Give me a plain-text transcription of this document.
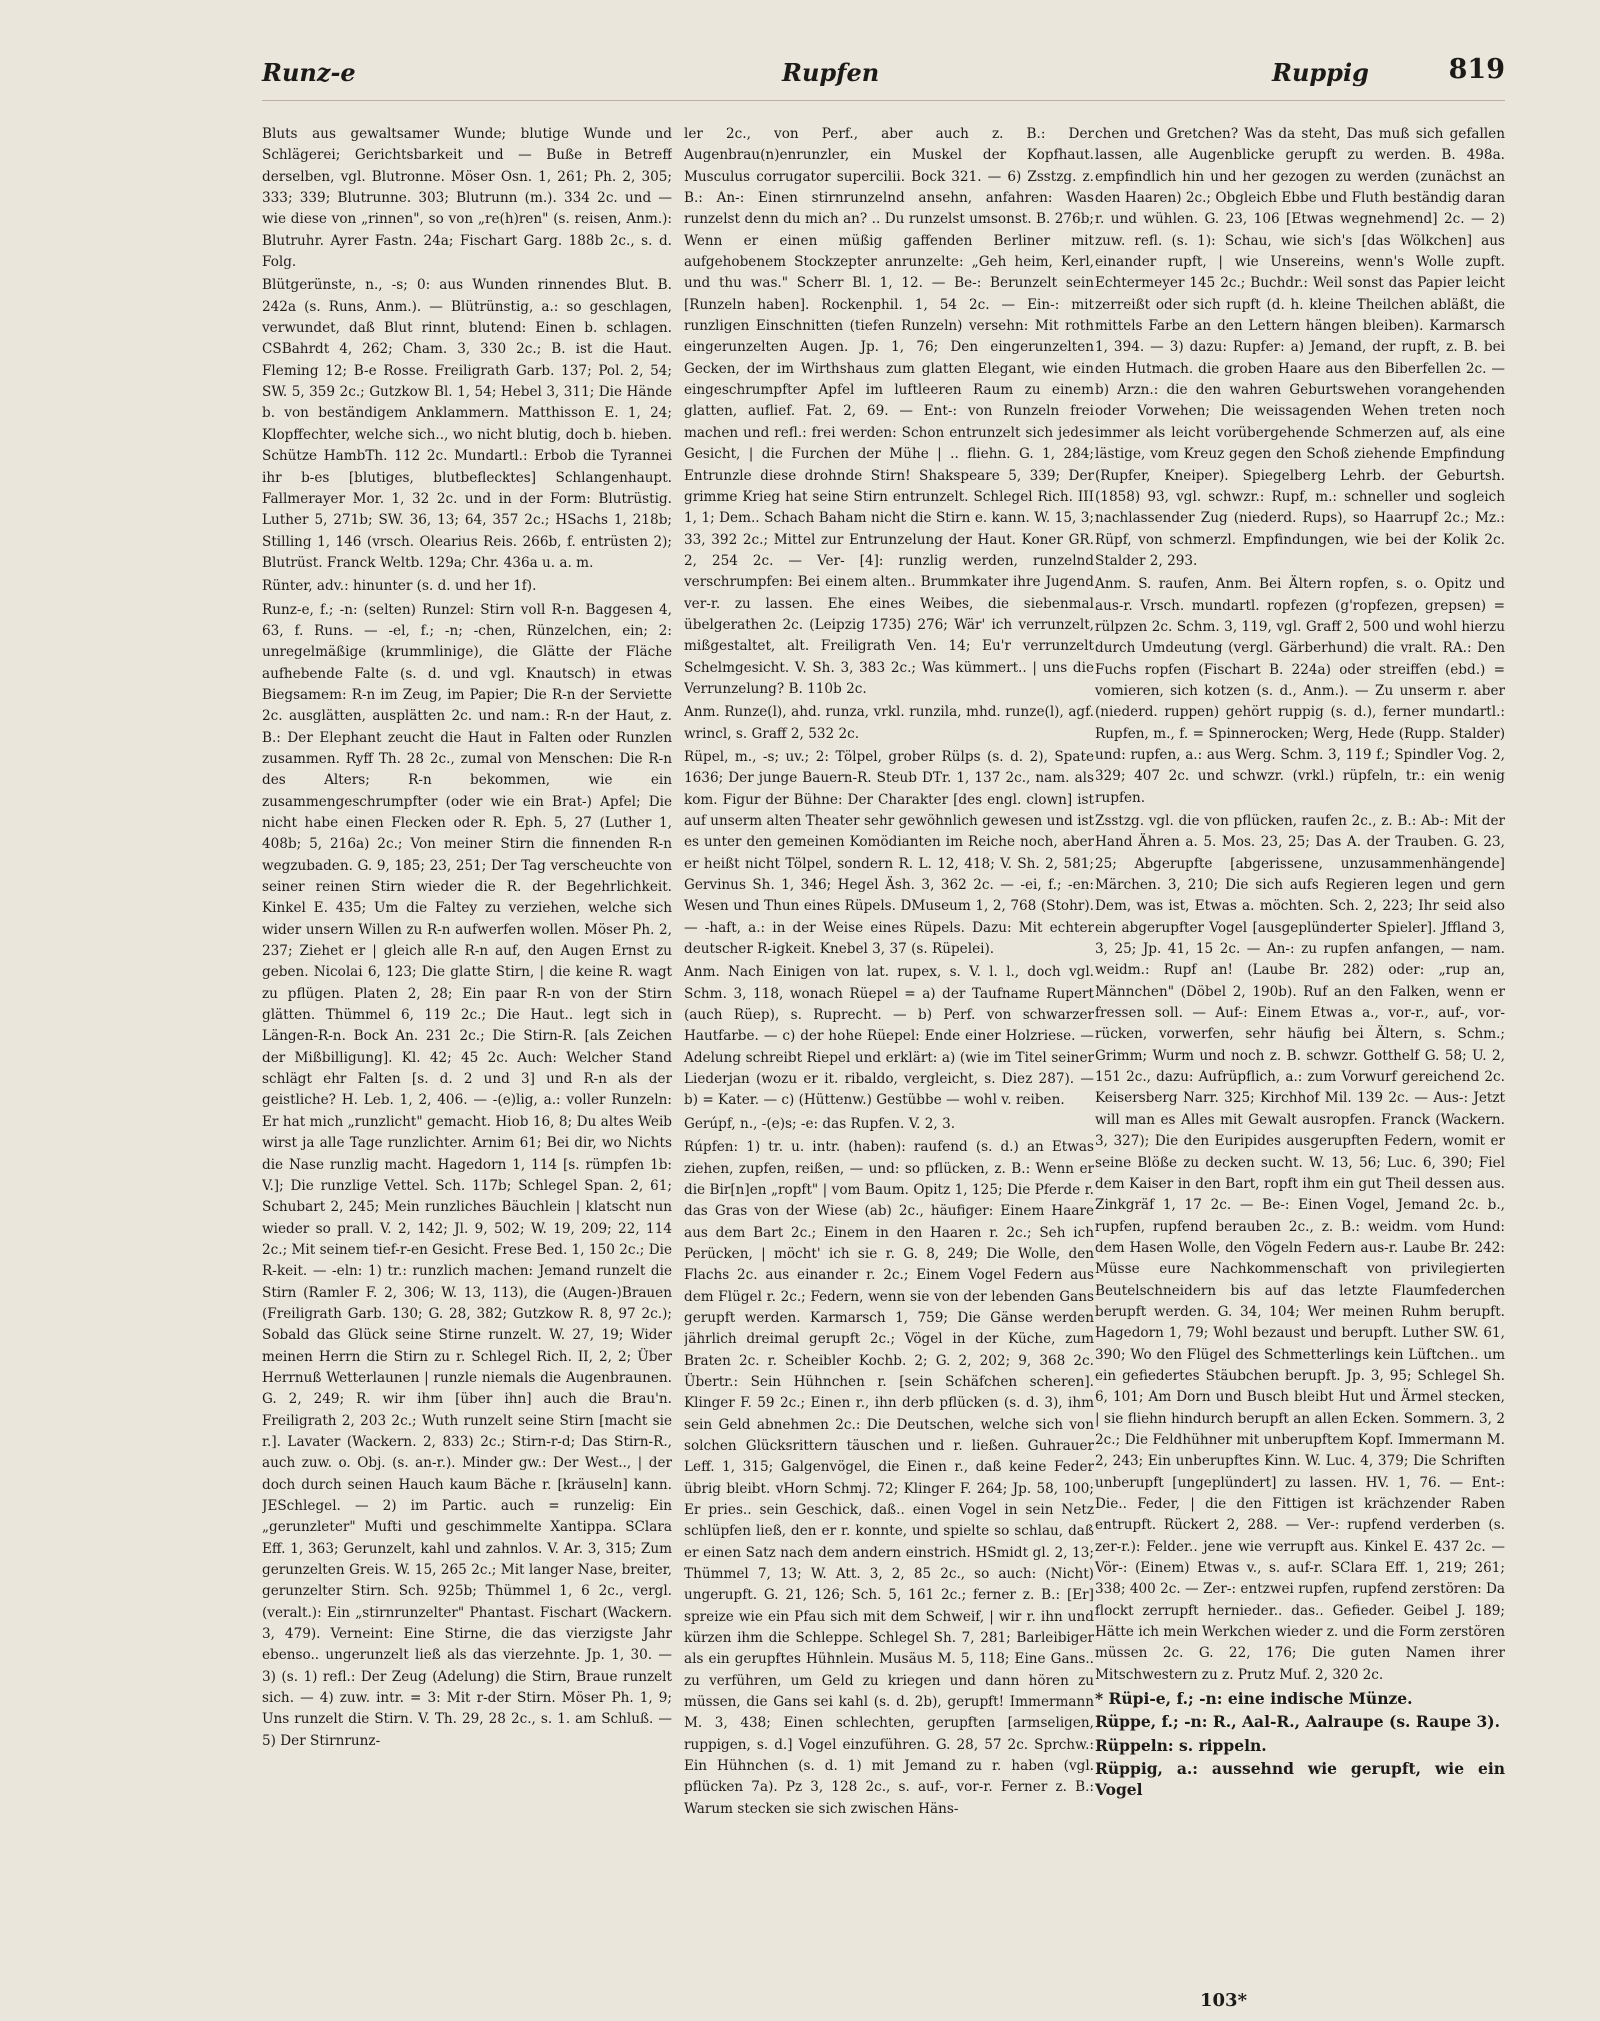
Runz-e	Rupfen	Ruppig	819

Bluts aus gewaltsamer Wunde; blutige Wunde und Schlägerei; Gerichtsbarkeit und — Buße in Betreff derselben, vgl. Blutronne. Möser Osn. 1, 261; Ph. 2, 305; 333; 339; Blutrunne. 303; Blutrunn (m.). 334 2c. und — wie diese von „rinnen", so von „re(h)ren" (s. reisen, Anm.): Blutruhr. Ayrer Fastn. 24a; Fischart Garg. 188b 2c., s. d. Folg.

Blütgerünste, n., -s; 0: aus Wunden rinnendes Blut. B. 242a (s. Runs, Anm.). — Blütrünstig, a.: so geschlagen, verwundet, daß Blut rinnt, blutend: Einen b. schlagen. CSBahrdt 4, 262; Cham. 3, 330 2c.; B. ist die Haut. Fleming 12; B-e Rosse. Freiligrath Garb. 137; Pol. 2, 54; SW. 5, 359 2c.; Gutzkow Bl. 1, 54; Hebel 3, 311; Die Hände b. von beständigem Anklammern. Matthisson E. 1, 24; Klopffechter, welche sich.., wo nicht blutig, doch b. hieben. Schütze HambTh. 112 2c. Mundartl.: Erbob die Tyrannei ihr b-es [blutiges, blutbeflecktes] Schlangenhaupt. Fallmerayer Mor. 1, 32 2c. und in der Form: Blutrüstig. Luther 5, 271b; SW. 36, 13; 64, 357 2c.; HSachs 1, 218b; Stilling 1, 146 (vrsch. Olearius Reis. 266b, f. entrüsten 2); Blutrüst. Franck Weltb. 129a; Chr. 436a u. a. m.

Rünter, adv.: hinunter (s. d. und her 1f).

Runz-e, f.; -n: (selten) Runzel: Stirn voll R-n. Baggesen 4, 63, f. Runs. — -el, f.; -n; -chen, Rünzelchen, ein; 2: unregelmäßige (krummlinige), die Glätte der Fläche aufhebende Falte (s. d. und vgl. Knautsch) in etwas Biegsamem: R-n im Zeug, im Papier; Die R-n der Serviette 2c. ausglätten, ausplätten 2c. und nam.: R-n der Haut, z. B.: Der Elephant zeucht die Haut in Falten oder Runzlen zusammen. Ryff Th. 28 2c., zumal von Menschen: Die R-n des Alters; R-n bekommen, wie ein zusammengeschrumpfter (oder wie ein Brat-) Apfel; Die nicht habe einen Flecken oder R. Eph. 5, 27 (Luther 1, 408b; 5, 216a) 2c.; Von meiner Stirn die finnenden R-n wegzubaden. G. 9, 185; 23, 251; Der Tag verscheuchte von seiner reinen Stirn wieder die R. der Begehrlichkeit. Kinkel E. 435; Um die Faltey zu verziehen, welche sich wider unsern Willen zu R-n aufwerfen wollen. Möser Ph. 2, 237; Ziehet er | gleich alle R-n auf, den Augen Ernst zu geben. Nicolai 6, 123; Die glatte Stirn, | die keine R. wagt zu pflügen. Platen 2, 28; Ein paar R-n von der Stirn glätten. Thümmel 6, 119 2c.; Die Haut.. legt sich in Längen-R-n. Bock An. 231 2c.; Die Stirn-R. [als Zeichen der Mißbilligung]. Kl. 42; 45 2c. Auch: Welcher Stand schlägt ehr Falten [s. d. 2 und 3] und R-n als der geistliche? H. Leb. 1, 2, 406. — -(e)lig, a.: voller Runzeln: Er hat mich „runzlicht" gemacht. Hiob 16, 8; Du altes Weib wirst ja alle Tage runzlichter. Arnim 61; Bei dir, wo Nichts die Nase runzlig macht. Hagedorn 1, 114 [s. rümpfen 1b: V.]; Die runzlige Vettel. Sch. 117b; Schlegel Span. 2, 61; Schubart 2, 245; Mein runzliches Bäuchlein | klatscht nun wieder so prall. V. 2, 142; Jl. 9, 502; W. 19, 209; 22, 114 2c.; Mit seinem tief-r-en Gesicht. Frese Bed. 1, 150 2c.; Die R-keit. — -eln: 1) tr.: runzlich machen: Jemand runzelt die Stirn (Ramler F. 2, 306; W. 13, 113), die (Augen-)Brauen (Freiligrath Garb. 130; G. 28, 382; Gutzkow R. 8, 97 2c.); Sobald das Glück seine Stirne runzelt. W. 27, 19; Wider meinen Herrn die Stirn zu r. Schlegel Rich. II, 2, 2; Über Herrnuß Wetterlaunen | runzle niemals die Augenbraunen. G. 2, 249; R. wir ihm [über ihn] auch die Brau'n. Freiligrath 2, 203 2c.; Wuth runzelt seine Stirn [macht sie r.]. Lavater (Wackern. 2, 833) 2c.; Stirn-r-d; Das Stirn-R., auch zuw. o. Obj. (s. an-r.). Minder gw.: Der West.., | der doch durch seinen Hauch kaum Bäche r. [kräuseln] kann. JESchlegel. — 2) im Partic. auch = runzelig: Ein „gerunzleter" Mufti und geschimmelte Xantippa. SClara Eff. 1, 363; Gerunzelt, kahl und zahnlos. V. Ar. 3, 315; Zum gerunzelten Greis. W. 15, 265 2c.; Mit langer Nase, breiter, gerunzelter Stirn. Sch. 925b; Thümmel 1, 6 2c., vergl. (veralt.): Ein „stirnrunzelter" Phantast. Fischart (Wackern. 3, 479). Verneint: Eine Stirne, die das vierzigste Jahr ebenso.. ungerunzelt ließ als das vierzehnte. Jp. 1, 30. — 3) (s. 1) refl.: Der Zeug (Adelung) die Stirn, Braue runzelt sich. — 4) zuw. intr. = 3: Mit r-der Stirn. Möser Ph. 1, 9; Uns runzelt die Stirn. V. Th. 29, 28 2c., s. 1. am Schluß. — 5) Der Stirnrunz-

ler 2c., von Perf., aber auch z. B.: Der Augenbrau(n)enrunzler, ein Muskel der Kopfhaut. Musculus corrugator supercilii. Bock 321. — 6) Zsstzg. z. B.: An-: Einen stirnrunzelnd ansehn, anfahren: Was runzelst denn du mich an? .. Du runzelst umsonst. B. 276b; Wenn er einen müßig gaffenden Berliner mit aufgehobenem Stockzepter anrunzelte: „Geh heim, Kerl, und thu was." Scherr Bl. 1, 12. — Be-: Berunzelt sein [Runzeln haben]. Rockenphil. 1, 54 2c. — Ein-: mit runzligen Einschnitten (tiefen Runzeln) versehn: Mit roth eingerunzelten Augen. Jp. 1, 76; Den eingerunzelten Gecken, der im Wirthshaus zum glatten Elegant, wie ein eingeschrumpfter Apfel im luftleeren Raum zu einem glatten, auflief. Fat. 2, 69. — Ent-: von Runzeln frei machen und refl.: frei werden: Schon entrunzelt sich jedes Gesicht, | die Furchen der Mühe | .. fliehn. G. 1, 284; Entrunzle diese drohnde Stirn! Shakspeare 5, 339; Der grimme Krieg hat seine Stirn entrunzelt. Schlegel Rich. III 1, 1; Dem.. Schach Baham nicht die Stirn e. kann. W. 15, 3; 33, 392 2c.; Mittel zur Entrunzelung der Haut. Koner GR. 2, 254 2c. — Ver- [4]: runzlig werden, runzelnd verschrumpfen: Bei einem alten.. Brummkater ihre Jugend ver-r. zu lassen. Ehe eines Weibes, die siebenmal übelgerathen 2c. (Leipzig 1735) 276; Wär' ich verrunzelt, mißgestaltet, alt. Freiligrath Ven. 14; Eu'r verrunzelt Schelmgesicht. V. Sh. 3, 383 2c.; Was kümmert.. | uns die Verrunzelung? B. 110b 2c.

Anm. Runze(l), ahd. runza, vrkl. runzila, mhd. runze(l), agf. wrincl, s. Graff 2, 532 2c.

Rüpel, m., -s; uv.; 2: Tölpel, grober Rülps (s. d. 2), Spate 1636; Der junge Bauern-R. Steub DTr. 1, 137 2c., nam. als kom. Figur der Bühne: Der Charakter [des engl. clown] ist auf unserm alten Theater sehr gewöhnlich gewesen und ist es unter den gemeinen Komödianten im Reiche noch, aber er heißt nicht Tölpel, sondern R. L. 12, 418; V. Sh. 2, 581; Gervinus Sh. 1, 346; Hegel Äsh. 3, 362 2c. — -ei, f.; -en: Wesen und Thun eines Rüpels. DMuseum 1, 2, 768 (Stohr). — -haft, a.: in der Weise eines Rüpels. Dazu: Mit echter deutscher R-igkeit. Knebel 3, 37 (s. Rüpelei).

Anm. Nach Einigen von lat. rupex, s. V. l. l., doch vgl. Schm. 3, 118, wonach Rüepel = a) der Taufname Rupert (auch Rüep), s. Ruprecht. — b) Perf. von schwarzer Hautfarbe. — c) der hohe Rüepel: Ende einer Holzriese. — Adelung schreibt Riepel und erklärt: a) (wie im Titel seiner Liederjan (wozu er it. ribaldo, vergleicht, s. Diez 287). — b) = Kater. — c) (Hüttenw.) Gestübbe — wohl v. reiben.

Gerúpf, n., -(e)s; -e: das Rupfen. V. 2, 3.

Rúpfen: 1) tr. u. intr. (haben): raufend (s. d.) an Etwas ziehen, zupfen, reißen, — und: so pflücken, z. B.: Wenn er die Bir[n]en „ropft" | vom Baum. Opitz 1, 125; Die Pferde r. das Gras von der Wiese (ab) 2c., häufiger: Einem Haare aus dem Bart 2c.; Einem in den Haaren r. 2c.; Seh ich Perücken, | möcht' ich sie r. G. 8, 249; Die Wolle, den Flachs 2c. aus einander r. 2c.; Einem Vogel Federn aus dem Flügel r. 2c.; Federn, wenn sie von der lebenden Gans gerupft werden. Karmarsch 1, 759; Die Gänse werden jährlich dreimal gerupft 2c.; Vögel in der Küche, zum Braten 2c. r. Scheibler Kochb. 2; G. 2, 202; 9, 368 2c. Übertr.: Sein Hühnchen r. [sein Schäfchen scheren]. Klinger F. 59 2c.; Einen r., ihn derb pflücken (s. d. 3), ihm sein Geld abnehmen 2c.: Die Deutschen, welche sich von solchen Glücksrittern täuschen und r. ließen. Guhrauer Leff. 1, 315; Galgenvögel, die Einen r., daß keine Feder übrig bleibt. vHorn Schmj. 72; Klinger F. 264; Jp. 58, 100; Er pries.. sein Geschick, daß.. einen Vogel in sein Netz schlüpfen ließ, den er r. konnte, und spielte so schlau, daß er einen Satz nach dem andern einstrich. HSmidt gl. 2, 13; Thümmel 7, 13; W. Att. 3, 2, 85 2c., so auch: (Nicht) ungerupft. G. 21, 126; Sch. 5, 161 2c.; ferner z. B.: [Er] spreize wie ein Pfau sich mit dem Schweif, | wir r. ihn und kürzen ihm die Schleppe. Schlegel Sh. 7, 281; Barleibiger als ein gerupftes Hühnlein. Musäus M. 5, 118; Eine Gans.. zu verführen, um Geld zu kriegen und dann hören zu müssen, die Gans sei kahl (s. d. 2b), gerupft! Immermann M. 3, 438; Einen schlechten, gerupften [armseligen, ruppigen, s. d.] Vogel einzuführen. G. 28, 57 2c. Sprchw.: Ein Hühnchen (s. d. 1) mit Jemand zu r. haben (vgl. pflücken 7a). Pz 3, 128 2c., s. auf-, vor-r. Ferner z. B.: Warum stecken sie sich zwischen Häns-

chen und Gretchen? Was da steht, Das muß sich gefallen lassen, alle Augenblicke gerupft zu werden. B. 498a. empfindlich hin und her gezogen zu werden (zunächst an den Haaren) 2c.; Obgleich Ebbe und Fluth beständig daran r. und wühlen. G. 23, 106 [Etwas wegnehmend] 2c. — 2) zuw. refl. (s. 1): Schau, wie sich's [das Wölkchen] aus einander rupft, | wie Unsereins, wenn's Wolle zupft. Echtermeyer 145 2c.; Buchdr.: Weil sonst das Papier leicht zerreißt oder sich rupft (d. h. kleine Theilchen abläßt, die mittels Farbe an den Lettern hängen bleiben). Karmarsch 1, 394. — 3) dazu: Rupfer: a) Jemand, der rupft, z. B. bei den Hutmach. die groben Haare aus den Biberfellen 2c. — b) Arzn.: die den wahren Geburtswehen vorangehenden oder Vorwehen; Die weissagenden Wehen treten noch immer als leicht vorübergehende Schmerzen auf, als eine lästige, vom Kreuz gegen den Schoß ziehende Empfindung (Rupfer, Kneiper). Spiegelberg Lehrb. der Geburtsh. (1858) 93, vgl. schwzr.: Rupf, m.: schneller und sogleich nachlassender Zug (niederd. Rups), so Haarrupf 2c.; Mz.: Rüpf, von schmerzl. Empfindungen, wie bei der Kolik 2c. Stalder 2, 293.

Anm. S. raufen, Anm. Bei Ältern ropfen, s. o. Opitz und aus-r. Vrsch. mundartl. ropfezen (g'ropfezen, grepsen) = rülpzen 2c. Schm. 3, 119, vgl. Graff 2, 500 und wohl hierzu durch Umdeutung (vergl. Gärberhund) die vralt. RA.: Den Fuchs ropfen (Fischart B. 224a) oder streiffen (ebd.) = vomieren, sich kotzen (s. d., Anm.). — Zu unserm r. aber (niederd. ruppen) gehört ruppig (s. d.), ferner mundartl.: Rupfen, m., f. = Spinnerocken; Werg, Hede (Rupp. Stalder) und: rupfen, a.: aus Werg. Schm. 3, 119 f.; Spindler Vog. 2, 329; 407 2c. und schwzr. (vrkl.) rüpfeln, tr.: ein wenig rupfen.

Zsstzg. vgl. die von pflücken, raufen 2c., z. B.: Ab-: Mit der Hand Ähren a. 5. Mos. 23, 25; Das A. der Trauben. G. 23, 25; Abgerupfte [abgerissene, unzusammenhängende] Märchen. 3, 210; Die sich aufs Regieren legen und gern Dem, was ist, Etwas a. möchten. Sch. 2, 223; Ihr seid also ein abgerupfter Vogel [ausgeplünderter Spieler]. Jffland 3, 3, 25; Jp. 41, 15 2c. — An-: zu rupfen anfangen, — nam. weidm.: Rupf an! (Laube Br. 282) oder: „rup an, Männchen" (Döbel 2, 190b). Ruf an den Falken, wenn er fressen soll. — Auf-: Einem Etwas a., vor-r., auf-, vor-rücken, vorwerfen, sehr häufig bei Ältern, s. Schm.; Grimm; Wurm und noch z. B. schwzr. Gotthelf G. 58; U. 2, 151 2c., dazu: Aufrüpflich, a.: zum Vorwurf gereichend 2c. Keisersberg Narr. 325; Kirchhof Mil. 139 2c. — Aus-: Jetzt will man es Alles mit Gewalt ausropfen. Franck (Wackern. 3, 327); Die den Euripides ausgerupften Federn, womit er seine Blöße zu decken sucht. W. 13, 56; Luc. 6, 390; Fiel dem Kaiser in den Bart, ropft ihm ein gut Theil dessen aus. Zinkgräf 1, 17 2c. — Be-: Einen Vogel, Jemand 2c. b., rupfen, rupfend berauben 2c., z. B.: weidm. vom Hund: dem Hasen Wolle, den Vögeln Federn aus-r. Laube Br. 242: Müsse eure Nachkommenschaft von privilegierten Beutelschneidern bis auf das letzte Flaumfederchen berupft werden. G. 34, 104; Wer meinen Ruhm berupft. Hagedorn 1, 79; Wohl bezaust und berupft. Luther SW. 61, 390; Wo den Flügel des Schmetterlings kein Lüftchen.. um ein gefiedertes Stäubchen berupft. Jp. 3, 95; Schlegel Sh. 6, 101; Am Dorn und Busch bleibt Hut und Ärmel stecken, | sie fliehn hindurch berupft an allen Ecken. Sommern. 3, 2 2c.; Die Feldhühner mit unberupftem Kopf. Immermann M. 2, 243; Ein unberupftes Kinn. W. Luc. 4, 379; Die Schriften unberupft [ungeplündert] zu lassen. HV. 1, 76. — Ent-: Die.. Feder, | die den Fittigen ist krächzender Raben entrupft. Rückert 2, 288. — Ver-: rupfend verderben (s. zer-r.): Felder.. jene wie verrupft aus. Kinkel E. 437 2c. — Vör-: (Einem) Etwas v., s. auf-r. SClara Eff. 1, 219; 261; 338; 400 2c. — Zer-: entzwei rupfen, rupfend zerstören: Da flockt zerrupft hernieder.. das.. Gefieder. Geibel J. 189; Hätte ich mein Werkchen wieder z. und die Form zerstören müssen 2c. G. 22, 176; Die guten Namen ihrer Mitschwestern zu z. Prutz Muf. 2, 320 2c.

* Rüpi-e, f.; -n: eine indische Münze.

Rüppe, f.; -n: R., Aal-R., Aalraupe (s. Raupe 3).

Rüppeln: s. rippeln.

Rüppig, a.: aussehnd wie gerupft, wie ein Vogel

103*
